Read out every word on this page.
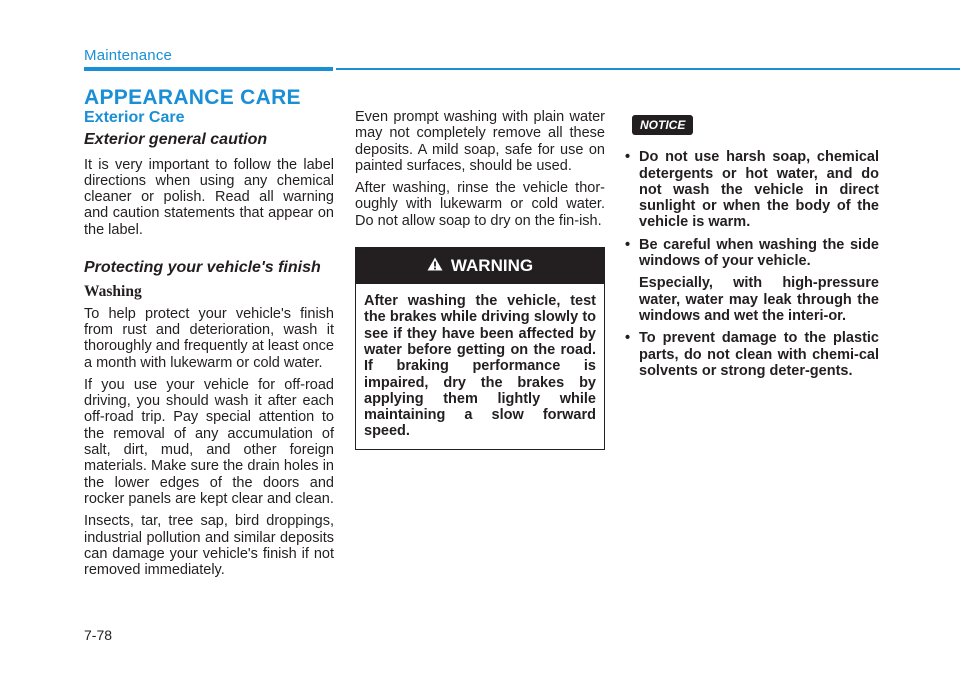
Maintenance
APPEARANCE CARE
Exterior Care
Exterior general caution

It is very important to follow the label directions when using any chemical cleaner or polish. Read all warning and caution statements that appear on the label.

Protecting your vehicle's finish
Washing

To help protect your vehicle's finish from rust and deterioration, wash it thoroughly and frequently at least once a month with lukewarm or cold water.

If you use your vehicle for off-road driving, you should wash it after each off-road trip. Pay special attention to the removal of any accumulation of salt, dirt, mud, and other foreign materials. Make sure the drain holes in the lower edges of the doors and rocker panels are kept clear and clean.

Insects, tar, tree sap, bird droppings, industrial pollution and similar deposits can damage your vehicle's finish if not removed immediately.

Even prompt washing with plain water may not completely remove all these deposits. A mild soap, safe for use on painted surfaces, should be used.

After washing, rinse the vehicle thor-oughly with lukewarm or cold water. Do not allow soap to dry on the fin-ish.

WARNING
After washing the vehicle, test the brakes while driving slowly to see if they have been affected by water before getting on the road. If braking performance is impaired, dry the brakes by applying them lightly while maintaining a slow forward speed.
NOTICE
• Do not use harsh soap, chemical detergents or hot water, and do not wash the vehicle in direct sunlight or when the body of the vehicle is warm.
• Be careful when washing the side windows of your vehicle.
Especially, with high-pressure water, water may leak through the windows and wet the interi-or.
• To prevent damage to the plastic parts, do not clean with chemi-cal solvents or strong deter-gents.
7-78
